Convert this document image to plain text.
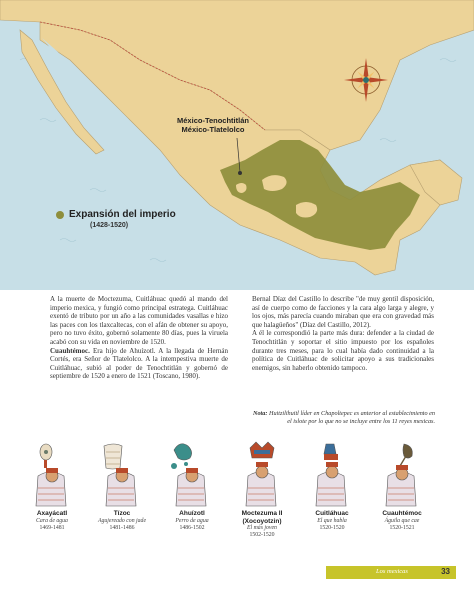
México-Tenochtitlán
México-Tlatelolco
Expansión del imperio
(1428-1520)

A la muerte de Moctezuma, Cuitláhuac quedó al mando del imperio mexica, y fungió como principal estratega. Cuitláhuac exentó de tributo por un año a las comunidades vasallas e hizo las paces con los tlaxcaltecas, con el afán de obtener su apoyo, pero no tuvo éxito, gobernó solamente 80 días, pues la viruela acabó con su vida en noviembre de 1520.

Cuauhtémoc. Era hijo de Ahuízotl. A la llegada de Hernán Cortés, era Señor de Tlatelolco. A la intempestiva muerte de Cuitláhuac, subió al poder de Tenochtitlán y gobernó de septiembre de 1520 a enero de 1521 (Toscano, 1980).

Bernal Díaz del Castillo lo describe "de muy gentil disposición, así de cuerpo como de facciones y la cara algo larga y alegre, y los ojos, más parecía cuando miraban que era con gravedad más que halagüeños" (Díaz del Castillo, 2012).

A él le correspondió la parte más dura: defender a la ciudad de Tenochtitlán y soportar el sitio impuesto por los españoles durante tres meses, para lo cual había dado continuidad a la política de Cuitláhuac de solicitar apoyo a sus tradicionales enemigos, sin haberlo obtenido tampoco.

Nota: Huitzilihuitl líder en Chapoltepec es anterior al establecimiento en el islote por lo que no se incluye entre los 11 reyes mexicas.
Axayácatl
Cara de agua
1469-1481
Tízoc
Agujereado con jade
1481-1486
Ahuízotl
Perro de agua
1486-1502
Moctezuma II
(Xocoyotzin)
El más joven
1502-1520
Cuitláhuac
El que habla
1520-1520
Cuauhtémoc
Águila que cae
1520-1521
Los mexicas	33
